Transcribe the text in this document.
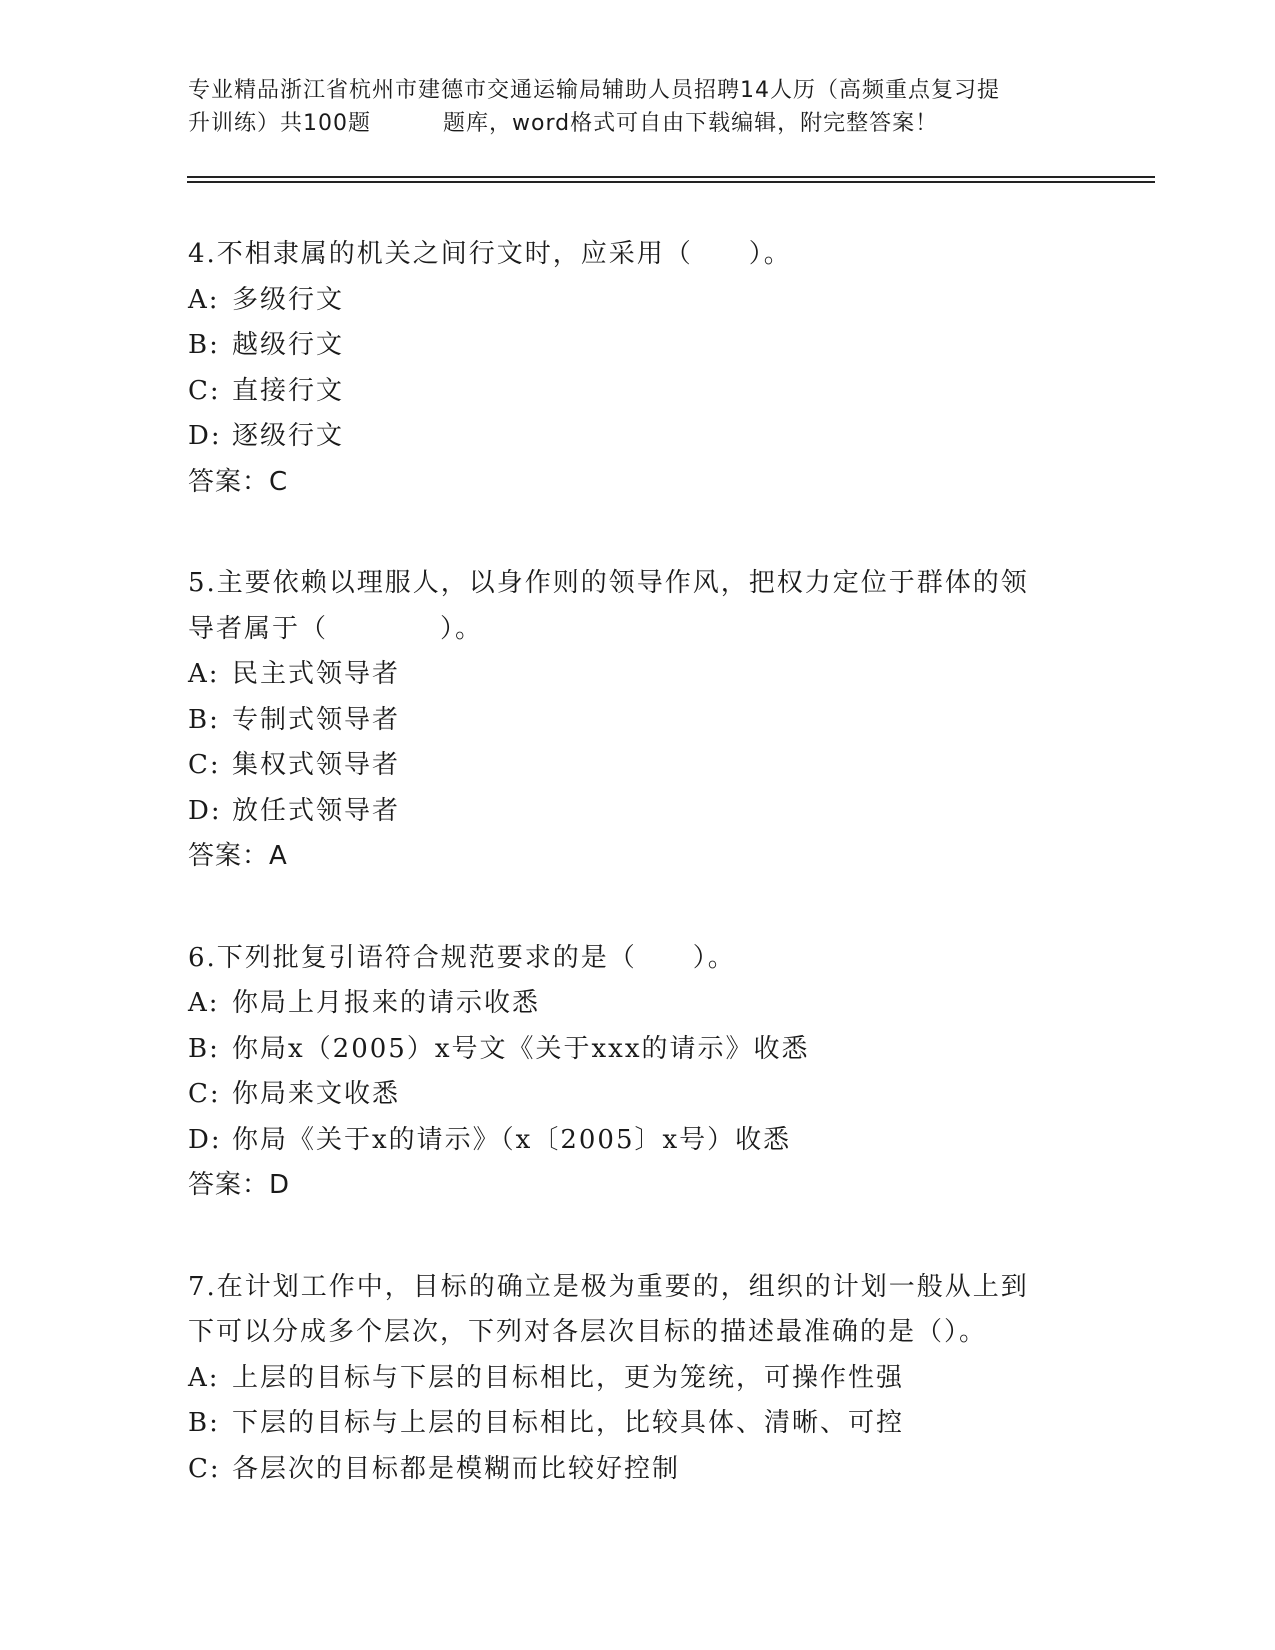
专业精品浙江省杭州市建德市交通运输局辅助人员招聘14人历（高频重点复习提
升训练）共100题	题库，word格式可自由下载编辑，附完整答案！
4.不相隶属的机关之间行文时，应采用（　　）。
A: 多级行文
B: 越级行文
C: 直接行文
D: 逐级行文
答案：C
5.主要依赖以理服人，以身作则的领导作风，把权力定位于群体的领
导者属于（　　　　）。
A: 民主式领导者
B: 专制式领导者
C: 集权式领导者
D: 放任式领导者
答案：A
6.下列批复引语符合规范要求的是（　　）。
A: 你局上月报来的请示收悉
B: 你局x（2005）x号文《关于xxx的请示》收悉
C: 你局来文收悉
D: 你局《关于x的请示》（x〔2005〕x号）收悉
答案：D
7.在计划工作中，目标的确立是极为重要的，组织的计划一般从上到
下可以分成多个层次，下列对各层次目标的描述最准确的是（）。
A: 上层的目标与下层的目标相比，更为笼统，可操作性强
B: 下层的目标与上层的目标相比，比较具体、清晰、可控
C: 各层次的目标都是模糊而比较好控制
